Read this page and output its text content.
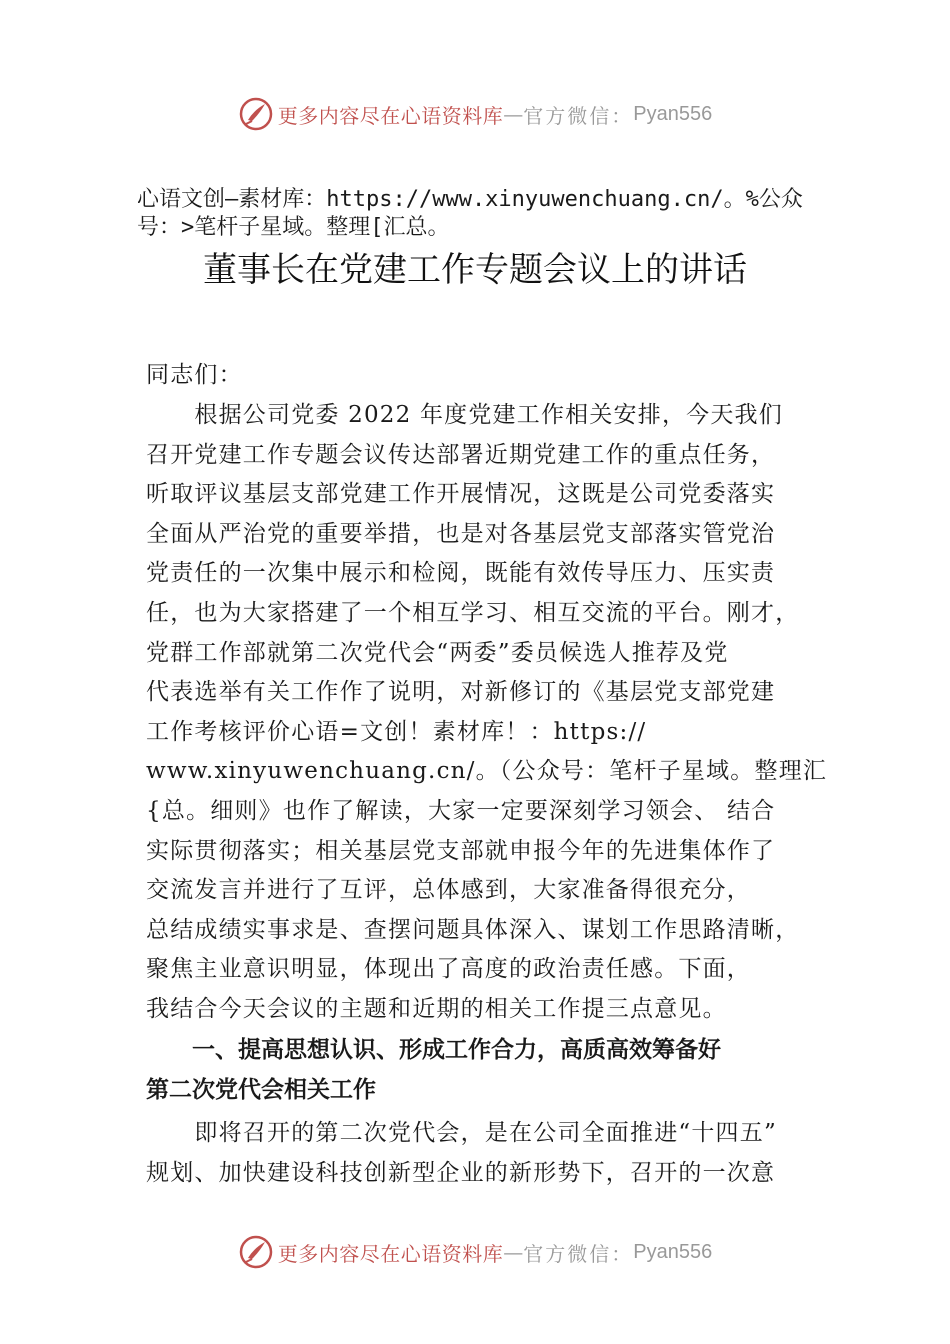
更多内容尽在心语资料库 — 官方微信： Pyan556
心语文创—素材库：https://www.xinyuwenchuang.cn/。%公众
号：>笔杆子星域。整理[汇总。
董事长在党建工作专题会议上的讲话
同志们：
　　根据公司党委 2022 年度党建工作相关安排，今天我们
召开党建工作专题会议传达部署近期党建工作的重点任务，
听取评议基层支部党建工作开展情况，这既是公司党委落实
全面从严治党的重要举措，也是对各基层党支部落实管党治
党责任的一次集中展示和检阅，既能有效传导压力、压实责
任，也为大家搭建了一个相互学习、相互交流的平台。刚才，
党群工作部就第二次党代会“两委”委员候选人推荐及党
代表选举有关工作作了说明，对新修订的《基层党支部党建
工作考核评价心语=文创！素材库！：https://
www.xinyuwenchuang.cn/。（公众号：笔杆子星域。整理汇
{总。细则》也作了解读，大家一定要深刻学习领会、 结合
实际贯彻落实；相关基层党支部就申报今年的先进集体作了
交流发言并进行了互评，总体感到，大家准备得很充分，
总结成绩实事求是、查摆问题具体深入、谋划工作思路清晰，
聚焦主业意识明显，体现出了高度的政治责任感。下面，
我结合今天会议的主题和近期的相关工作提三点意见。
　　一、提高思想认识、形成工作合力，高质高效筹备好
第二次党代会相关工作
　　即将召开的第二次党代会，是在公司全面推进“十四五”
规划、加快建设科技创新型企业的新形势下，召开的一次意
更多内容尽在心语资料库 — 官方微信： Pyan556
